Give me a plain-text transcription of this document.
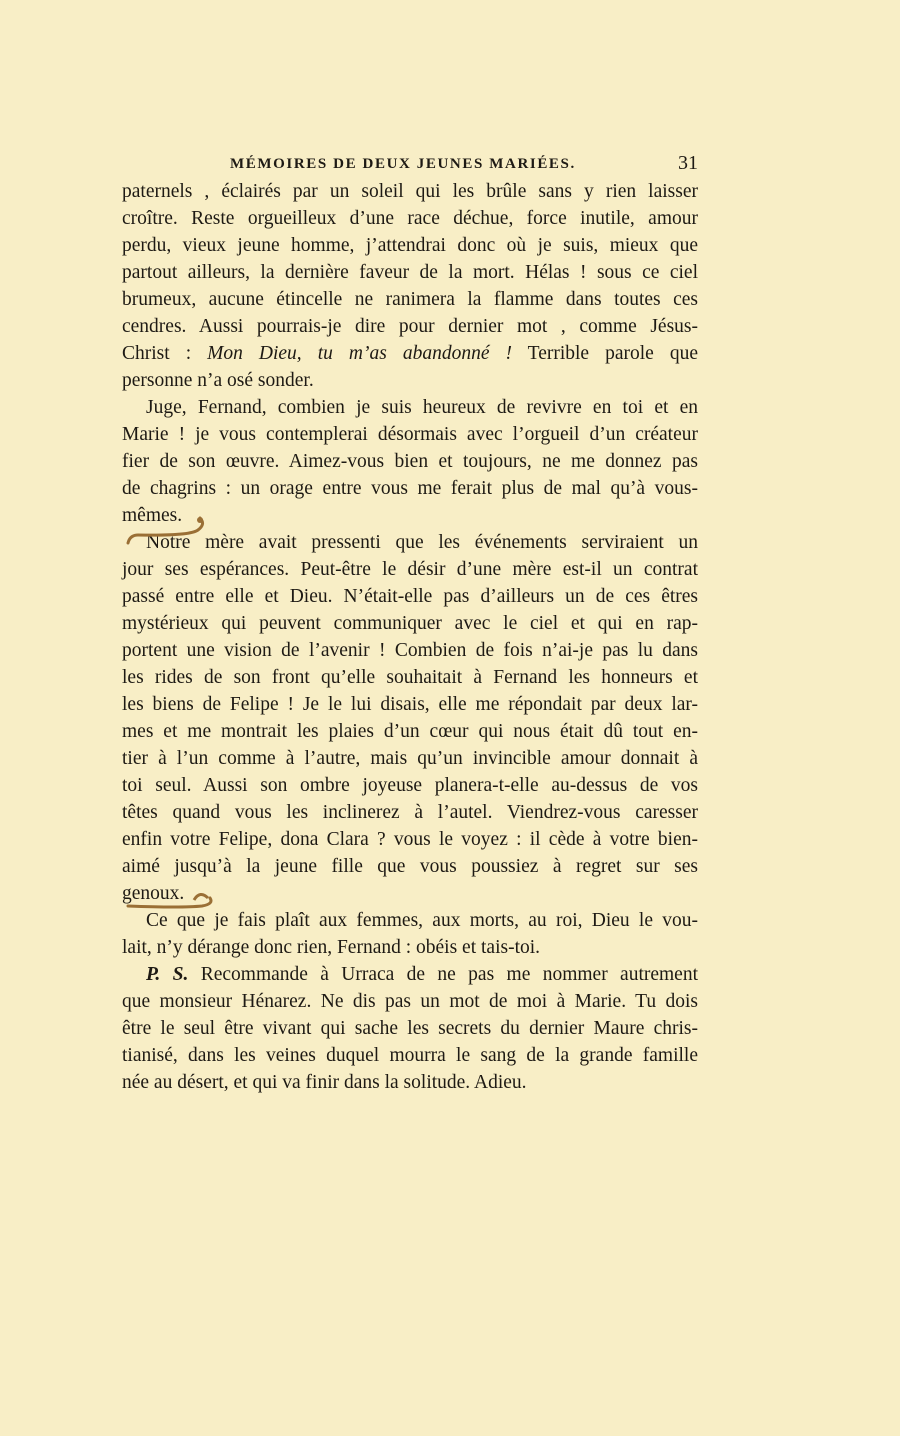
MÉMOIRES DE DEUX JEUNES MARIÉES.	31
paternels , éclairés par un soleil qui les brûle sans y rien laisser
croître. Reste orgueilleux d’une race déchue, force inutile, amour
perdu, vieux jeune homme, j’attendrai donc où je suis, mieux que
partout ailleurs, la dernière faveur de la mort. Hélas ! sous ce ciel
brumeux, aucune étincelle ne ranimera la flamme dans toutes ces
cendres. Aussi pourrais-je dire pour dernier mot , comme Jésus-
Christ : Mon Dieu, tu m’as abandonné ! Terrible parole que
personne n’a osé sonder.
Juge, Fernand, combien je suis heureux de revivre en toi et en
Marie ! je vous contemplerai désormais avec l’orgueil d’un créateur
fier de son œuvre. Aimez-vous bien et toujours, ne me donnez pas
de chagrins : un orage entre vous me ferait plus de mal qu’à vous-
mêmes.
Notre mère avait pressenti que les événements serviraient un
jour ses espérances. Peut-être le désir d’une mère est-il un contrat
passé entre elle et Dieu. N’était-elle pas d’ailleurs un de ces êtres
mystérieux qui peuvent communiquer avec le ciel et qui en rap-
portent une vision de l’avenir ! Combien de fois n’ai-je pas lu dans
les rides de son front qu’elle souhaitait à Fernand les honneurs et
les biens de Felipe ! Je le lui disais, elle me répondait par deux lar-
mes et me montrait les plaies d’un cœur qui nous était dû tout en-
tier à l’un comme à l’autre, mais qu’un invincible amour donnait à
toi seul. Aussi son ombre joyeuse planera-t-elle au-dessus de vos
têtes quand vous les inclinerez à l’autel. Viendrez-vous caresser
enfin votre Felipe, dona Clara ? vous le voyez : il cède à votre bien-
aimé jusqu’à la jeune fille que vous poussiez à regret sur ses
genoux.
Ce que je fais plaît aux femmes, aux morts, au roi, Dieu le vou-
lait, n’y dérange donc rien, Fernand : obéis et tais-toi.
P. S. Recommande à Urraca de ne pas me nommer autrement
que monsieur Hénarez. Ne dis pas un mot de moi à Marie. Tu dois
être le seul être vivant qui sache les secrets du dernier Maure chris-
tianisé, dans les veines duquel mourra le sang de la grande famille
née au désert, et qui va finir dans la solitude. Adieu.
